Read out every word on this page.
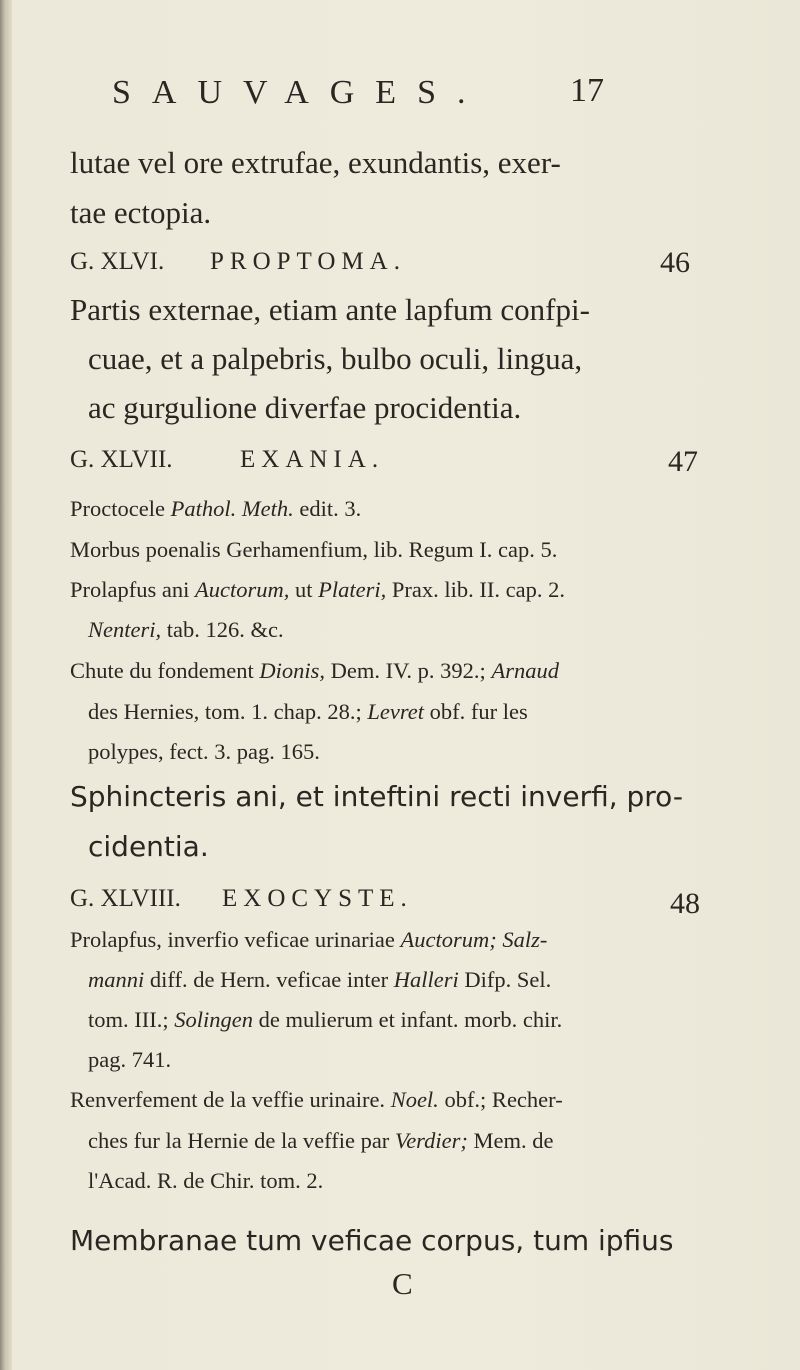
SAUVAGES.	17
lutae vel ore extrufae, exundantis, exer-
tae ectopia.
G. XLVI. PROPTOMA.	46
Partis externae, etiam ante lapfum confpi-
cuae, et a palpebris, bulbo oculi, lingua,
ac gurgulione diverfae procidentia.
G. XLVII.	EXANIA.	47
Proctocele Pathol. Meth. edit. 3.
Morbus poenalis Gerhamenfium, lib. Regum I. cap. 5.
Prolapfus ani Auctorum, ut Plateri, Prax. lib. II. cap. 2.
Nenteri, tab. 126. &c.
Chute du fondement Dionis, Dem. IV. p. 392.; Arnaud
des Hernies, tom. 1. chap. 28.; Levret obf. fur les
polypes, fect. 3. pag. 165.
Sphincteris ani, et inteftini recti inverfi, pro-
cidentia.
G. XLVIII. EXOCYSTE.	48
Prolapfus, inverfio veficae urinariae Auctorum; Salz-
manni diff. de Hern. veficae inter Halleri Difp. Sel.
tom. III.; Solingen de mulierum et infant. morb. chir.
pag. 741.
Renverfement de la veffie urinaire. Noel. obf.; Recher-
ches fur la Hernie de la veffie par Verdier; Mem. de
l'Acad. R. de Chir. tom. 2.
Membranae tum veficae corpus, tum ipfius
C
